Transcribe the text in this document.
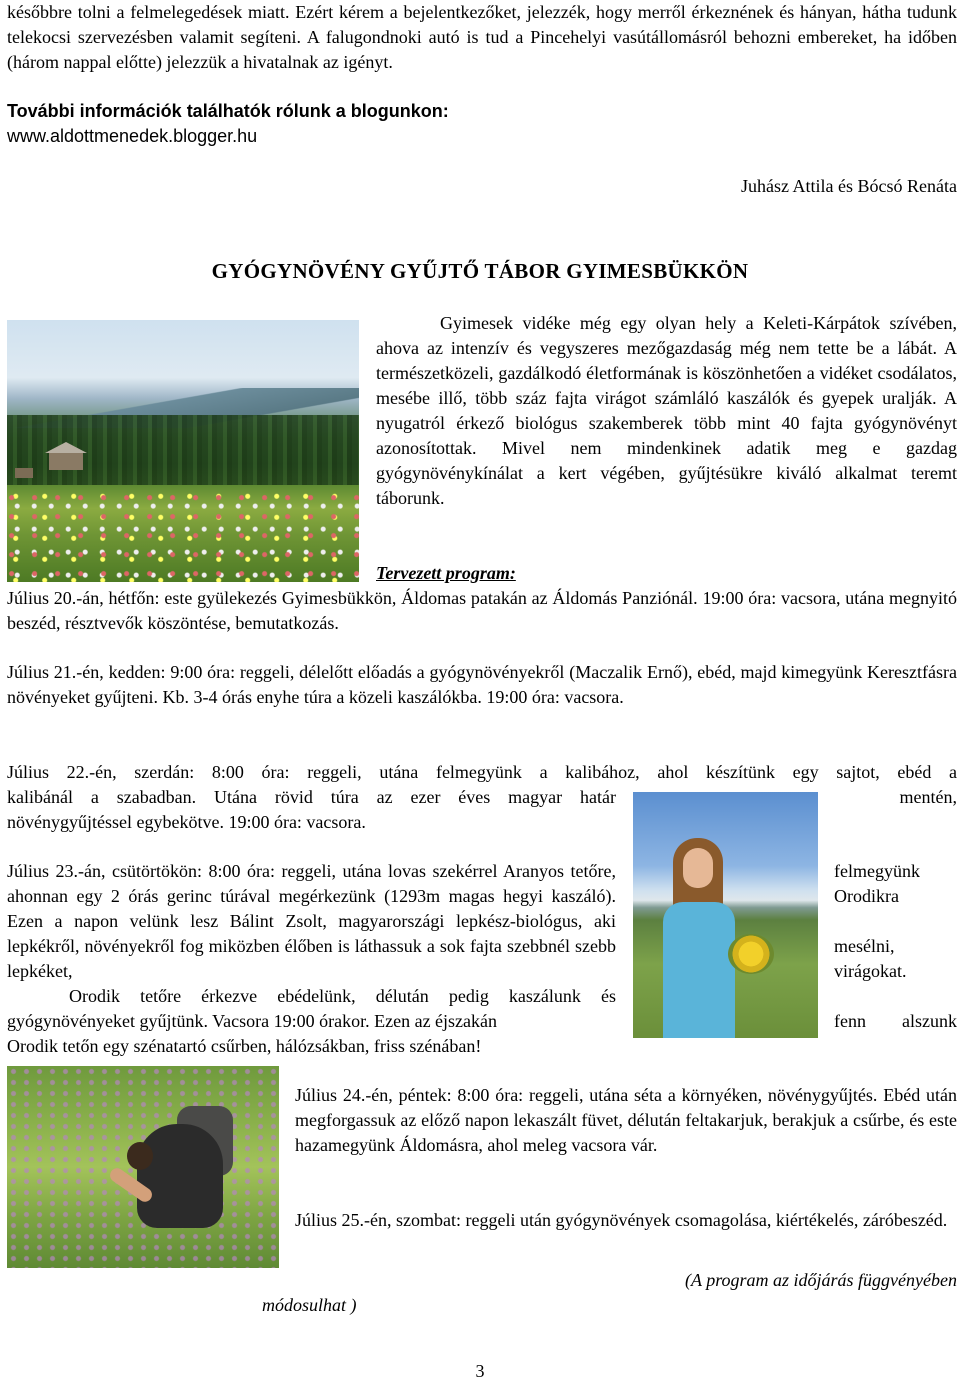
későbbre tolni a felmelegedések miatt. Ezért kérem a bejelentkezőket, jelezzék, hogy merről érkeznének és hányan, hátha tudunk telekocsi szervezésben valamit segíteni. A falugondnoki autó is tud a Pincehelyi vasútállomásról behozni embereket, ha időben (három nappal előtte) jelezzük a hivatalnak az igényt.

További információk találhatók rólunk a blogunkon:

www.aldottmenedek.blogger.hu

Juhász Attila és Bócsó Renáta

GYÓGYNÖVÉNY GYŰJTŐ TÁBOR GYIMESBÜKKÖN

Gyimesek vidéke még egy olyan hely a Keleti-Kárpátok szívében, ahova az intenzív és vegyszeres mezőgazdaság még nem tette be a lábát. A természetközeli, gazdálkodó életformának is köszönhetően a vidéket csodálatos, mesébe illő, több száz fajta virágot számláló kaszálók és gyepek uralják. A nyugatról érkező biológus szakemberek több mint 40 fajta gyógynövényt azonosítottak. Mivel nem mindenkinek adatik meg e gazdag gyógynövénykínálat a kert végében, gyűjtésükre kiváló alkalmat teremt táborunk.

Tervezett program:

Július 20.-án, hétfőn: este gyülekezés Gyimesbükkön, Áldomas patakán az Áldomás Panziónál. 19:00 óra: vacsora, utána megnyitó beszéd, résztvevők köszöntése, bemutatkozás.

Július 21.-én, kedden: 9:00 óra: reggeli, délelőtt előadás a gyógynövényekről (Maczalik Ernő), ebéd, majd kimegyünk Keresztfásra növényeket gyűjteni. Kb. 3-4 órás enyhe túra a közeli kaszálókba. 19:00 óra: vacsora.

Július 22.-én, szerdán: 8:00 óra: reggeli, utána felmegyünk a kalibához, ahol készítünk egy sajtot, ebéd a

kalibánál a szabadban. Utána rövid túra az ezer éves magyar határ	mentén,

növénygyűjtéssel egybekötve. 19:00 óra: vacsora.

Július 23.-án, csütörtökön: 8:00 óra: reggeli, utána lovas szekérrel Aranyos tetőre, ahonnan egy 2 órás gerinc túrával megérkezünk (1293m magas hegyi kaszáló). Ezen a napon velünk lesz Bálint Zsolt, magyarországi lepkész-biológus, aki lepkékről, növényekről fog miközben élőben is láthassuk a sok fajta szebbnél szebb lepkéket,

Orodik tetőre érkezve ebédelünk, délután pedig kaszálunk és gyógynövényeket gyűjtünk. Vacsora 19:00 órakor. Ezen az éjszakán

felmegyünk

Orodikra

mesélni,

virágokat.

fenn alszunk

Orodik tetőn egy szénatartó csűrben, hálózsákban, friss szénában!

Július 24.-én, péntek: 8:00 óra: reggeli, utána séta a környéken, növénygyűjtés. Ebéd után megforgassuk az előző napon lekaszált füvet, délután feltakarjuk, berakjuk a csűrbe, és este hazamegyünk Áldomásra, ahol meleg vacsora vár.

Július 25.-én, szombat: reggeli után gyógynövények csomagolása, kiértékelés, záróbeszéd.

(A program az időjárás függvényében

módosulhat )

3
